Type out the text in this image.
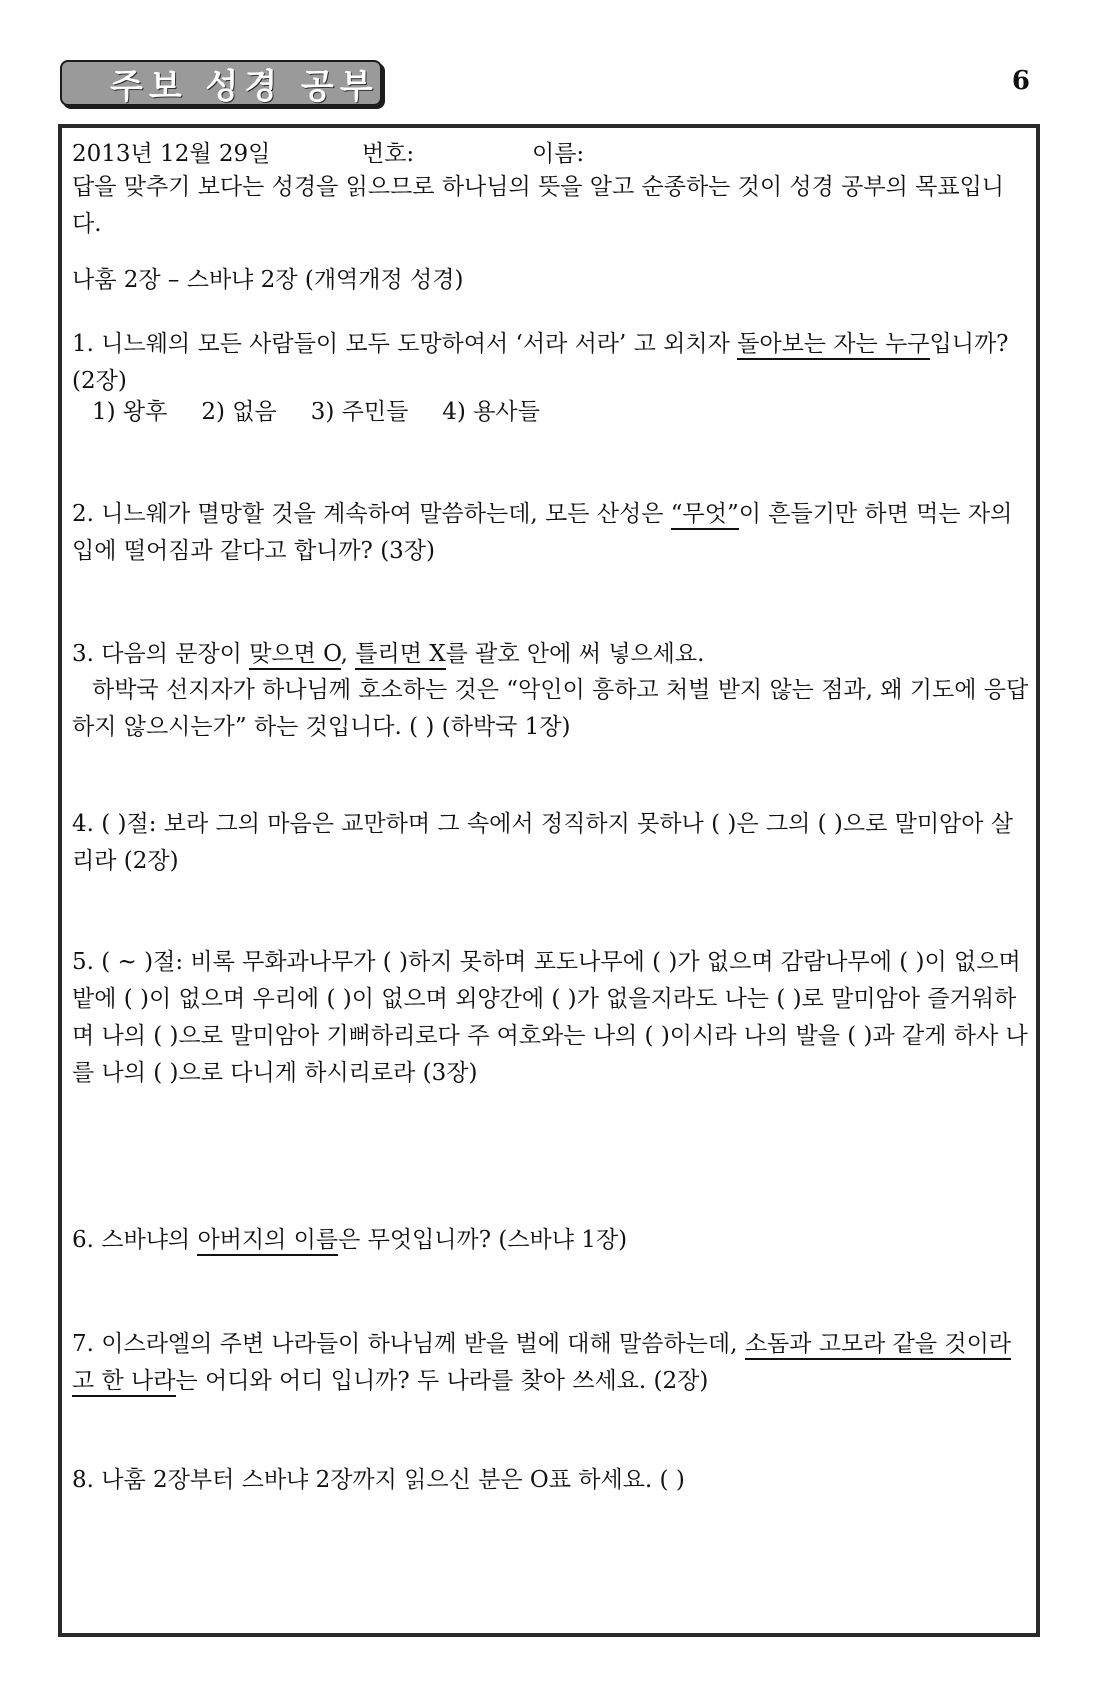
주보 성경 공부	6
2013년 12월 29일	번호:	이름:
답을 맞추기 보다는 성경을 읽으므로 하나님의 뜻을 알고 순종하는 것이 성경 공부의 목표입니다.
나훔 2장 – 스바냐 2장 (개역개정 성경)
1. 니느웨의 모든 사람들이 모두 도망하여서 ‘서라 서라’ 고 외치자 돌아보는 자는 누구입니까? (2장)
1) 왕후 2) 없음 3) 주민들 4) 용사들
2. 니느웨가 멸망할 것을 계속하여 말씀하는데, 모든 산성은 “무엇”이 흔들기만 하면 먹는 자의 입에 떨어짐과 같다고 합니까? (3장)
3. 다음의 문장이 맞으면 O, 틀리면 X를 괄호 안에 써 넣으세요.
하박국 선지자가 하나님께 호소하는 것은 “악인이 흥하고 처벌 받지 않는 점과, 왜 기도에 응답하지 않으시는가” 하는 것입니다. ( ) (하박국 1장)
4. ( )절: 보라 그의 마음은 교만하며 그 속에서 정직하지 못하나 ( )은 그의 ( )으로 말미암아 살리라 (2장)
5. ( ~ )절: 비록 무화과나무가 ( )하지 못하며 포도나무에 ( )가 없으며 감람나무에 ( )이 없으며 밭에 ( )이 없으며 우리에 ( )이 없으며 외양간에 ( )가 없을지라도 나는 ( )로 말미암아 즐거워하며 나의 ( )으로 말미암아 기뻐하리로다 주 여호와는 나의 ( )이시라 나의 발을 ( )과 같게 하사 나를 나의 ( )으로 다니게 하시리로라 (3장)
6. 스바냐의 아버지의 이름은 무엇입니까? (스바냐 1장)
7. 이스라엘의 주변 나라들이 하나님께 받을 벌에 대해 말씀하는데, 소돔과 고모라 같을 것이라고 한 나라는 어디와 어디 입니까? 두 나라를 찾아 쓰세요. (2장)
8. 나훔 2장부터 스바냐 2장까지 읽으신 분은 O표 하세요. ( )
